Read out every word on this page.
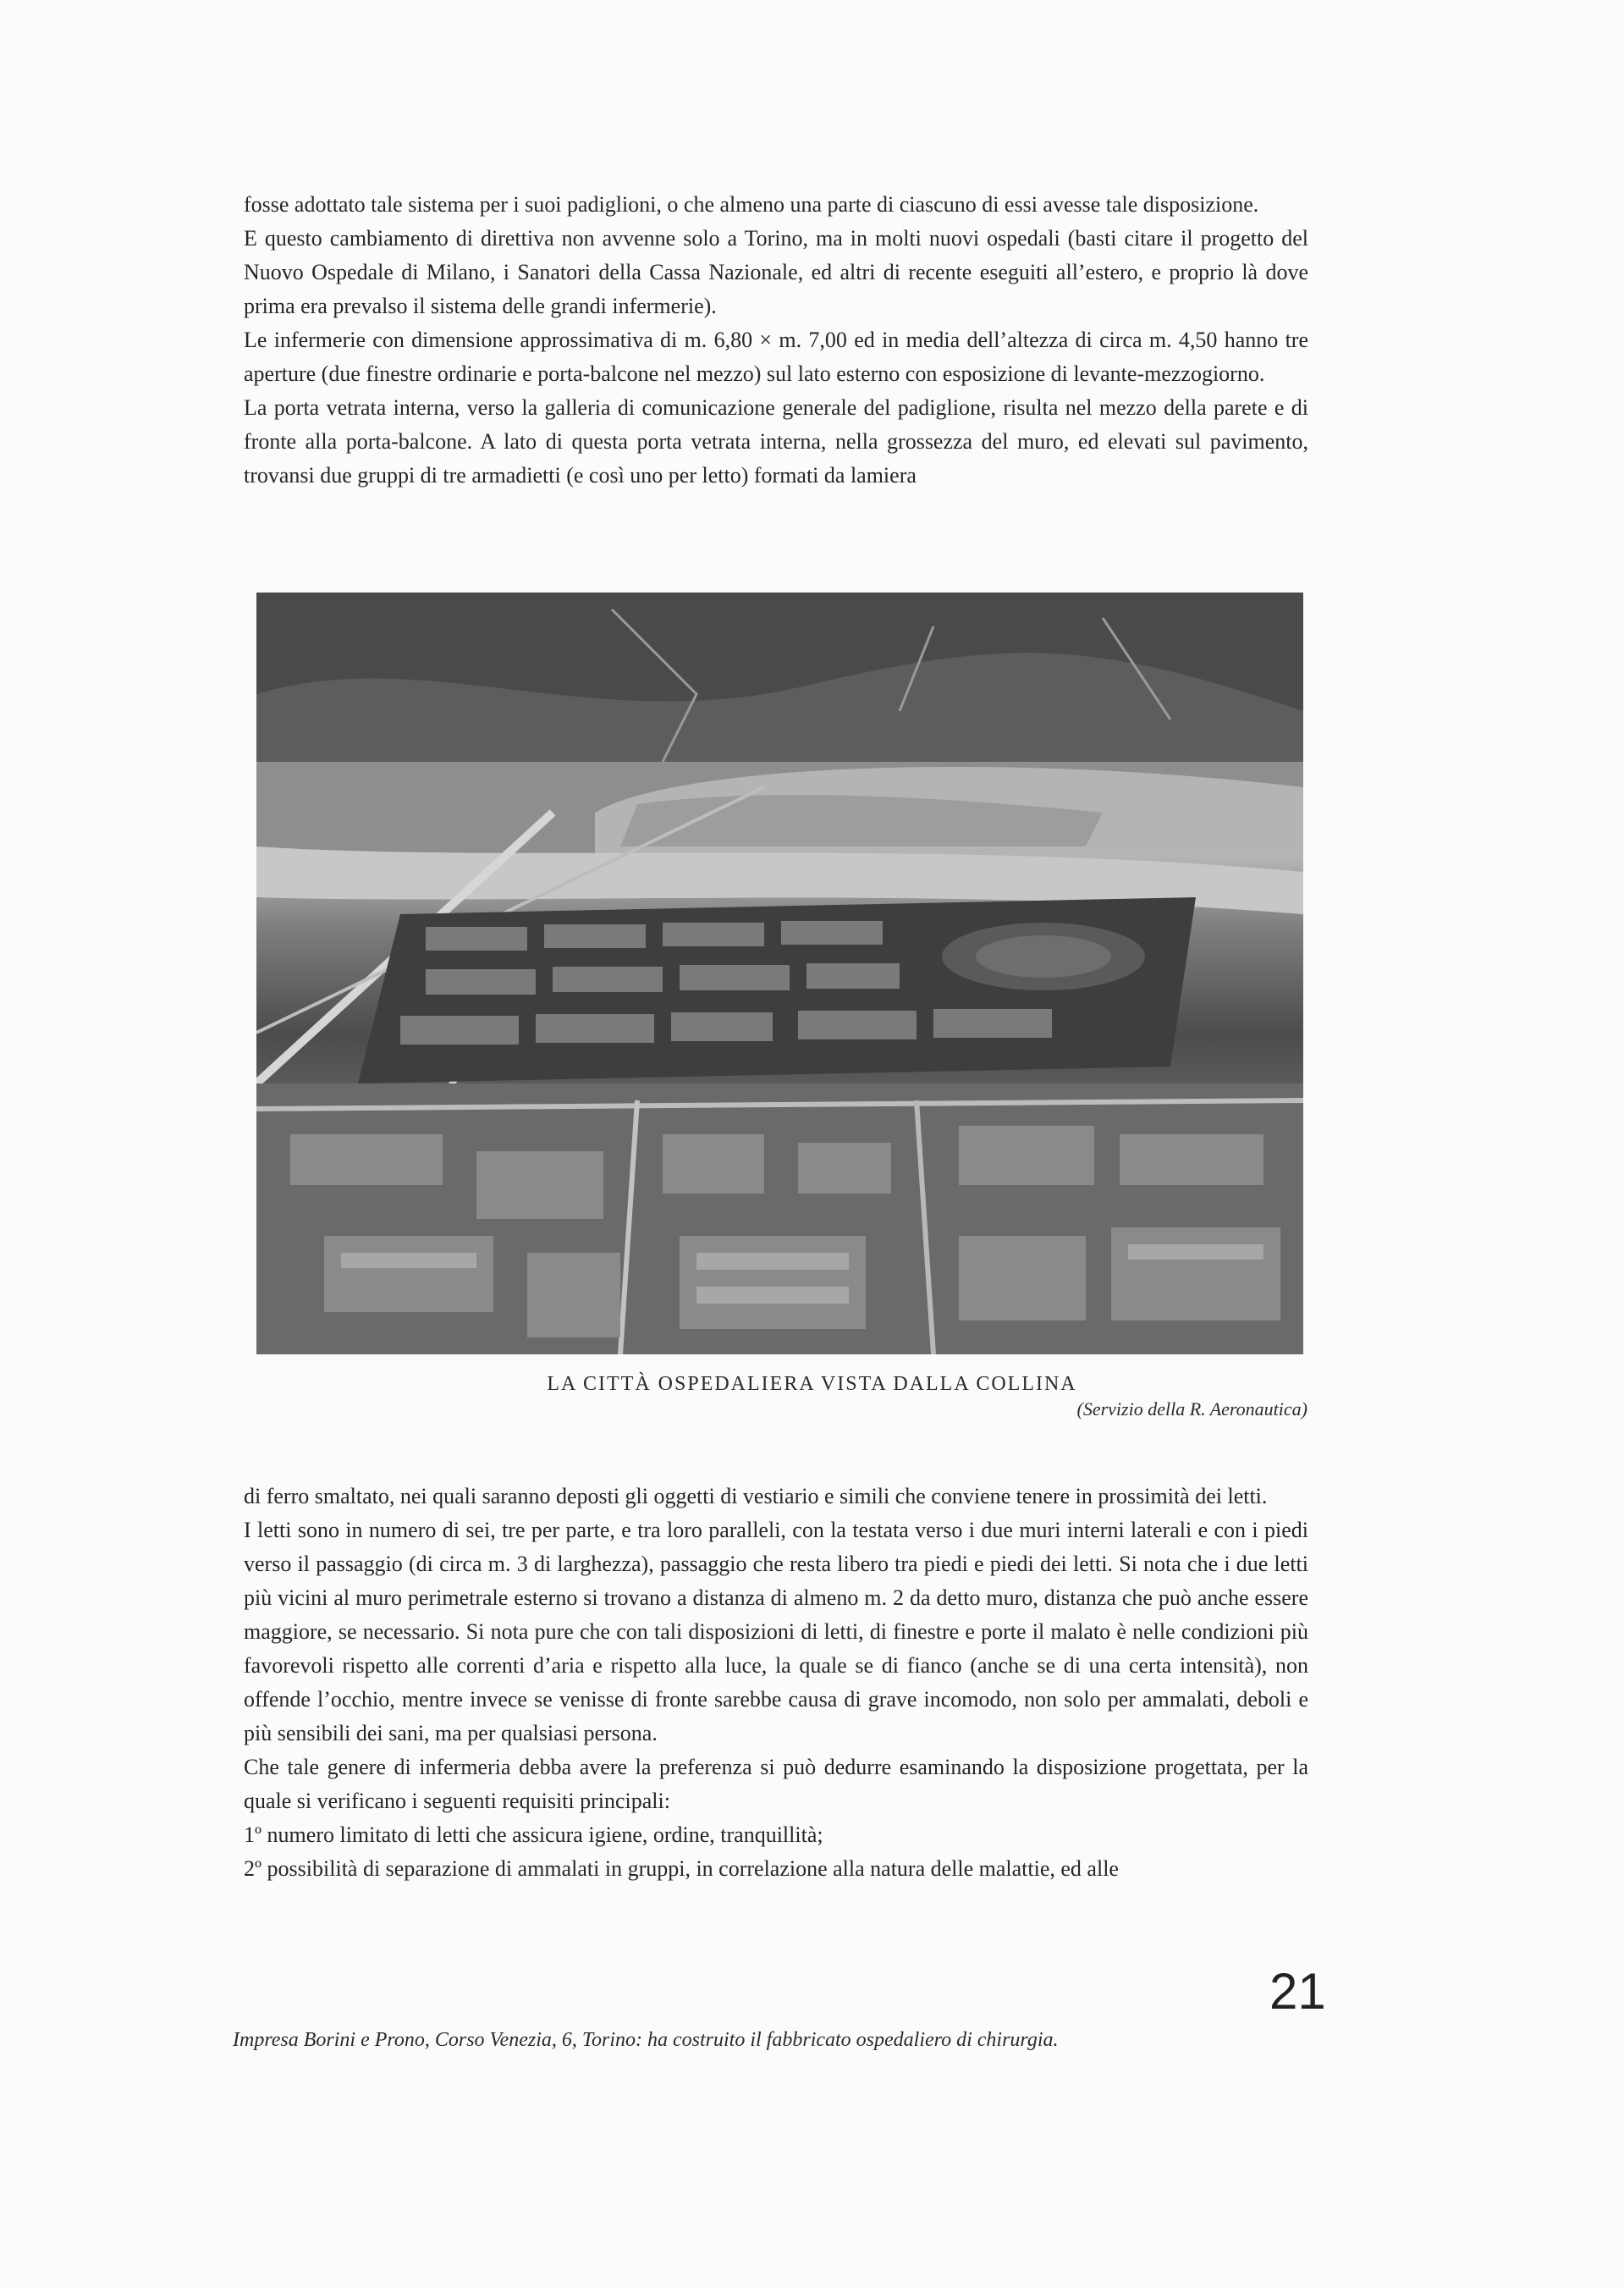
fosse adottato tale sistema per i suoi padiglioni, o che almeno una parte di ciascuno di essi avesse tale disposizione.

E questo cambiamento di direttiva non avvenne solo a Torino, ma in molti nuovi ospedali (basti citare il progetto del Nuovo Ospedale di Milano, i Sanatori della Cassa Nazionale, ed altri di recente eseguiti all’estero, e proprio là dove prima era prevalso il sistema delle grandi infermerie).

Le infermerie con dimensione approssimativa di m. 6,80 × m. 7,00 ed in media dell’altezza di circa m. 4,50 hanno tre aperture (due finestre ordinarie e porta-balcone nel mezzo) sul lato esterno con esposizione di levante-mezzogiorno.

La porta vetrata interna, verso la galleria di comunicazione generale del padiglione, risulta nel mezzo della parete e di fronte alla porta-balcone. A lato di questa porta vetrata interna, nella grossezza del muro, ed elevati sul pavimento, trovansi due gruppi di tre armadietti (e così uno per letto) formati da lamiera

LA CITTÀ OSPEDALIERA VISTA DALLA COLLINA
(Servizio della R. Aeronautica)

di ferro smaltato, nei quali saranno deposti gli oggetti di vestiario e simili che conviene tenere in prossimità dei letti.

I letti sono in numero di sei, tre per parte, e tra loro paralleli, con la testata verso i due muri interni laterali e con i piedi verso il passaggio (di circa m. 3 di larghezza), passaggio che resta libero tra piedi e piedi dei letti. Si nota che i due letti più vicini al muro perimetrale esterno si trovano a distanza di almeno m. 2 da detto muro, distanza che può anche essere maggiore, se necessario. Si nota pure che con tali disposizioni di letti, di finestre e porte il malato è nelle condizioni più favorevoli rispetto alle correnti d’aria e rispetto alla luce, la quale se di fianco (anche se di una certa intensità), non offende l’occhio, mentre invece se venisse di fronte sarebbe causa di grave incomodo, non solo per ammalati, deboli e più sensibili dei sani, ma per qualsiasi persona.

Che tale genere di infermeria debba avere la preferenza si può dedurre esaminando la disposizione progettata, per la quale si verificano i seguenti requisiti principali:

1º numero limitato di letti che assicura igiene, ordine, tranquillità;

2º possibilità di separazione di ammalati in gruppi, in correlazione alla natura delle malattie, ed alle

21
Impresa Borini e Prono, Corso Venezia, 6, Torino: ha costruito il fabbricato ospedaliero di chirurgia.
